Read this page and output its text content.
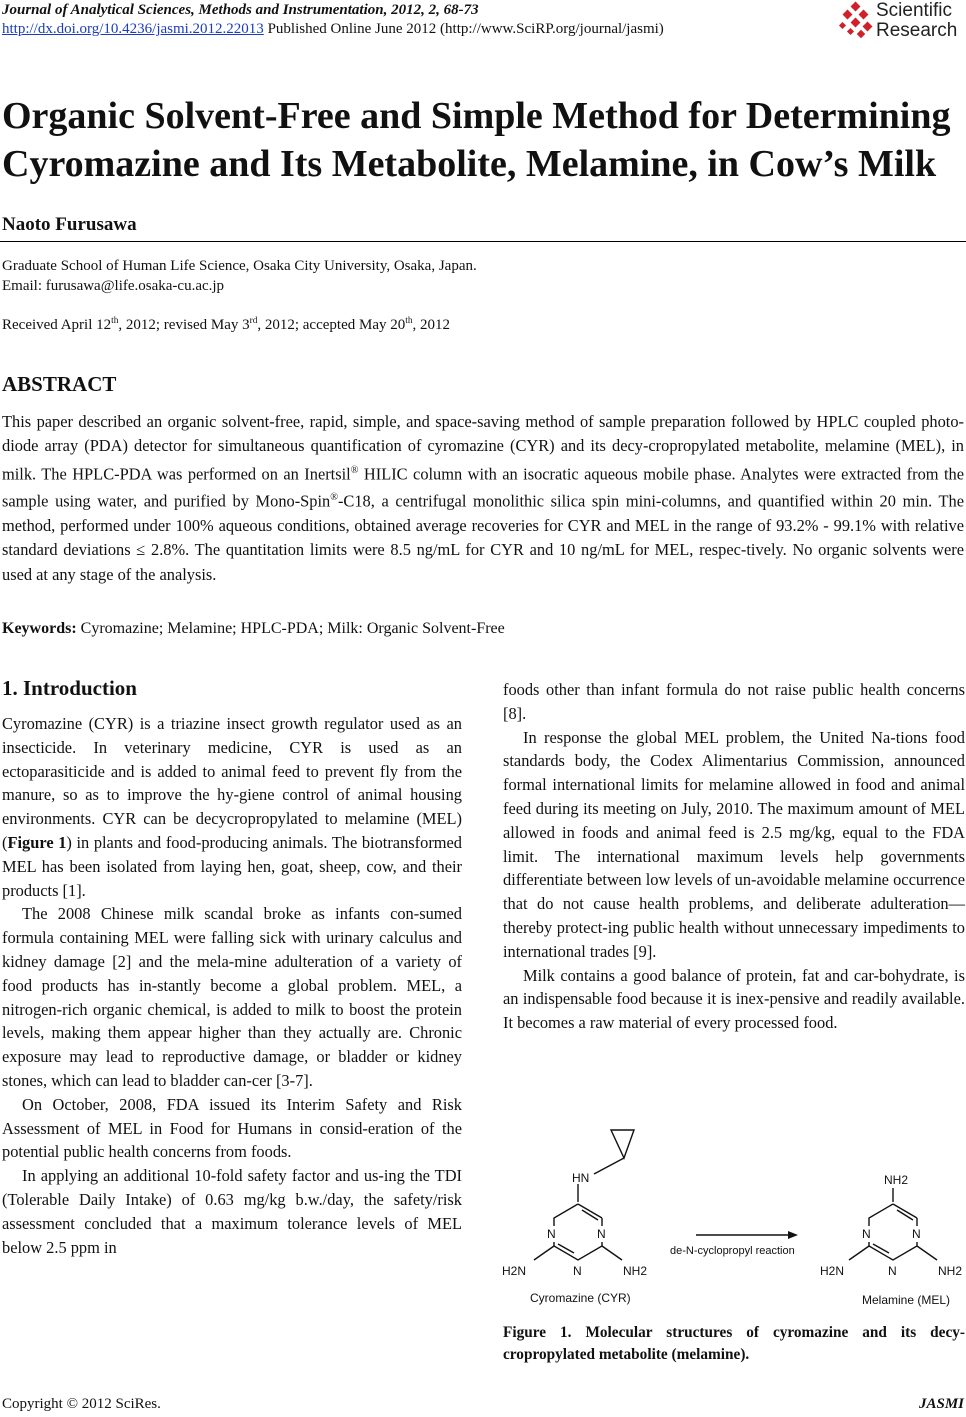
Journal of Analytical Sciences, Methods and Instrumentation, 2012, 2, 68-73
http://dx.doi.org/10.4236/jasmi.2012.22013 Published Online June 2012 (http://www.SciRP.org/journal/jasmi)
Scientific
Research
Organic Solvent-Free and Simple Method for Determining Cyromazine and Its Metabolite, Melamine, in Cow’s Milk
Naoto Furusawa
Graduate School of Human Life Science, Osaka City University, Osaka, Japan.
Email: furusawa@life.osaka-cu.ac.jp
Received April 12th, 2012; revised May 3rd, 2012; accepted May 20th, 2012
ABSTRACT
This paper described an organic solvent-free, rapid, simple, and space-saving method of sample preparation followed by HPLC coupled photo-diode array (PDA) detector for simultaneous quantification of cyromazine (CYR) and its decy-cropropylated metabolite, melamine (MEL), in milk. The HPLC-PDA was performed on an Inertsil® HILIC column with an isocratic aqueous mobile phase. Analytes were extracted from the sample using water, and purified by Mono-Spin®-C18, a centrifugal monolithic silica spin mini-columns, and quantified within 20 min. The method, performed under 100% aqueous conditions, obtained average recoveries for CYR and MEL in the range of 93.2% - 99.1% with relative standard deviations ≤ 2.8%. The quantitation limits were 8.5 ng/mL for CYR and 10 ng/mL for MEL, respec-tively. No organic solvents were used at any stage of the analysis.
Keywords: Cyromazine; Melamine; HPLC-PDA; Milk: Organic Solvent-Free
1. Introduction

Cyromazine (CYR) is a triazine insect growth regulator used as an insecticide. In veterinary medicine, CYR is used as an ectoparasiticide and is added to animal feed to prevent fly from the manure, so as to improve the hy-giene control of animal housing environments. CYR can be decycropropylated to melamine (MEL) (Figure 1) in plants and food-producing animals. The biotransformed MEL has been isolated from laying hen, goat, sheep, cow, and their products [1].

The 2008 Chinese milk scandal broke as infants con-sumed formula containing MEL were falling sick with urinary calculus and kidney damage [2] and the mela-mine adulteration of a variety of food products has in-stantly become a global problem. MEL, a nitrogen-rich organic chemical, is added to milk to boost the protein levels, making them appear higher than they actually are. Chronic exposure may lead to reproductive damage, or bladder or kidney stones, which can lead to bladder can-cer [3-7].

On October, 2008, FDA issued its Interim Safety and Risk Assessment of MEL in Food for Humans in consid-eration of the potential public health concerns from foods.

In applying an additional 10-fold safety factor and us-ing the TDI (Tolerable Daily Intake) of 0.63 mg/kg b.w./day, the safety/risk assessment concluded that a maximum tolerance levels of MEL below 2.5 ppm in

foods other than infant formula do not raise public health concerns [8].

In response the global MEL problem, the United Na-tions food standards body, the Codex Alimentarius Commission, announced formal international limits for melamine allowed in food and animal feed during its meeting on July, 2010. The maximum amount of MEL allowed in foods and animal feed is 2.5 mg/kg, equal to the FDA limit. The international maximum levels help governments differentiate between low levels of un-avoidable melamine occurrence that do not cause health problems, and deliberate adulteration—thereby protect-ing public health without unnecessary impediments to international trades [9].

Milk contains a good balance of protein, fat and car-bohydrate, is an indispensable food because it is inex-pensive and readily available. It becomes a raw material of every processed food.

HN
N	N
N
H2N	NH2
de-N-cyclopropyl reaction
NH2
N	N
N
H2N	NH2
Cyromazine (CYR)	Melamine (MEL)
Figure 1. Molecular structures of cyromazine and its decy-cropropylated metabolite (melamine).
Copyright © 2012 SciRes.	JASMI
